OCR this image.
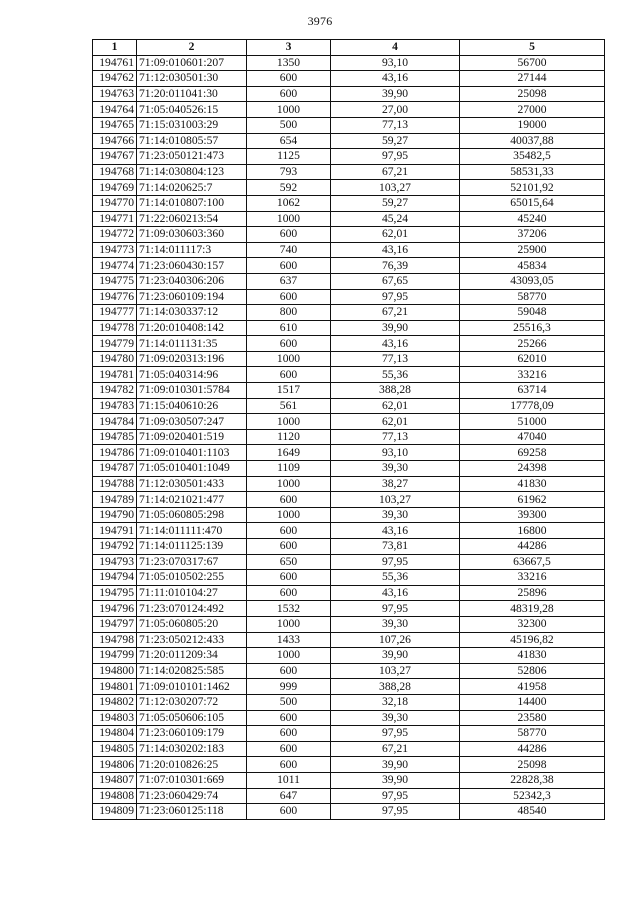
3976
1	2	3	4	5
194761	71:09:010601:207	1350	93,10	56700
194762	71:12:030501:30	600	43,16	27144
194763	71:20:011041:30	600	39,90	25098
194764	71:05:040526:15	1000	27,00	27000
194765	71:15:031003:29	500	77,13	19000
194766	71:14:010805:57	654	59,27	40037,88
194767	71:23:050121:473	1125	97,95	35482,5
194768	71:14:030804:123	793	67,21	58531,33
194769	71:14:020625:7	592	103,27	52101,92
194770	71:14:010807:100	1062	59,27	65015,64
194771	71:22:060213:54	1000	45,24	45240
194772	71:09:030603:360	600	62,01	37206
194773	71:14:011117:3	740	43,16	25900
194774	71:23:060430:157	600	76,39	45834
194775	71:23:040306:206	637	67,65	43093,05
194776	71:23:060109:194	600	97,95	58770
194777	71:14:030337:12	800	67,21	59048
194778	71:20:010408:142	610	39,90	25516,3
194779	71:14:011131:35	600	43,16	25266
194780	71:09:020313:196	1000	77,13	62010
194781	71:05:040314:96	600	55,36	33216
194782	71:09:010301:5784	1517	388,28	63714
194783	71:15:040610:26	561	62,01	17778,09
194784	71:09:030507:247	1000	62,01	51000
194785	71:09:020401:519	1120	77,13	47040
194786	71:09:010401:1103	1649	93,10	69258
194787	71:05:010401:1049	1109	39,30	24398
194788	71:12:030501:433	1000	38,27	41830
194789	71:14:021021:477	600	103,27	61962
194790	71:05:060805:298	1000	39,30	39300
194791	71:14:011111:470	600	43,16	16800
194792	71:14:011125:139	600	73,81	44286
194793	71:23:070317:67	650	97,95	63667,5
194794	71:05:010502:255	600	55,36	33216
194795	71:11:010104:27	600	43,16	25896
194796	71:23:070124:492	1532	97,95	48319,28
194797	71:05:060805:20	1000	39,30	32300
194798	71:23:050212:433	1433	107,26	45196,82
194799	71:20:011209:34	1000	39,90	41830
194800	71:14:020825:585	600	103,27	52806
194801	71:09:010101:1462	999	388,28	41958
194802	71:12:030207:72	500	32,18	14400
194803	71:05:050606:105	600	39,30	23580
194804	71:23:060109:179	600	97,95	58770
194805	71:14:030202:183	600	67,21	44286
194806	71:20:010826:25	600	39,90	25098
194807	71:07:010301:669	1011	39,90	22828,38
194808	71:23:060429:74	647	97,95	52342,3
194809	71:23:060125:118	600	97,95	48540
